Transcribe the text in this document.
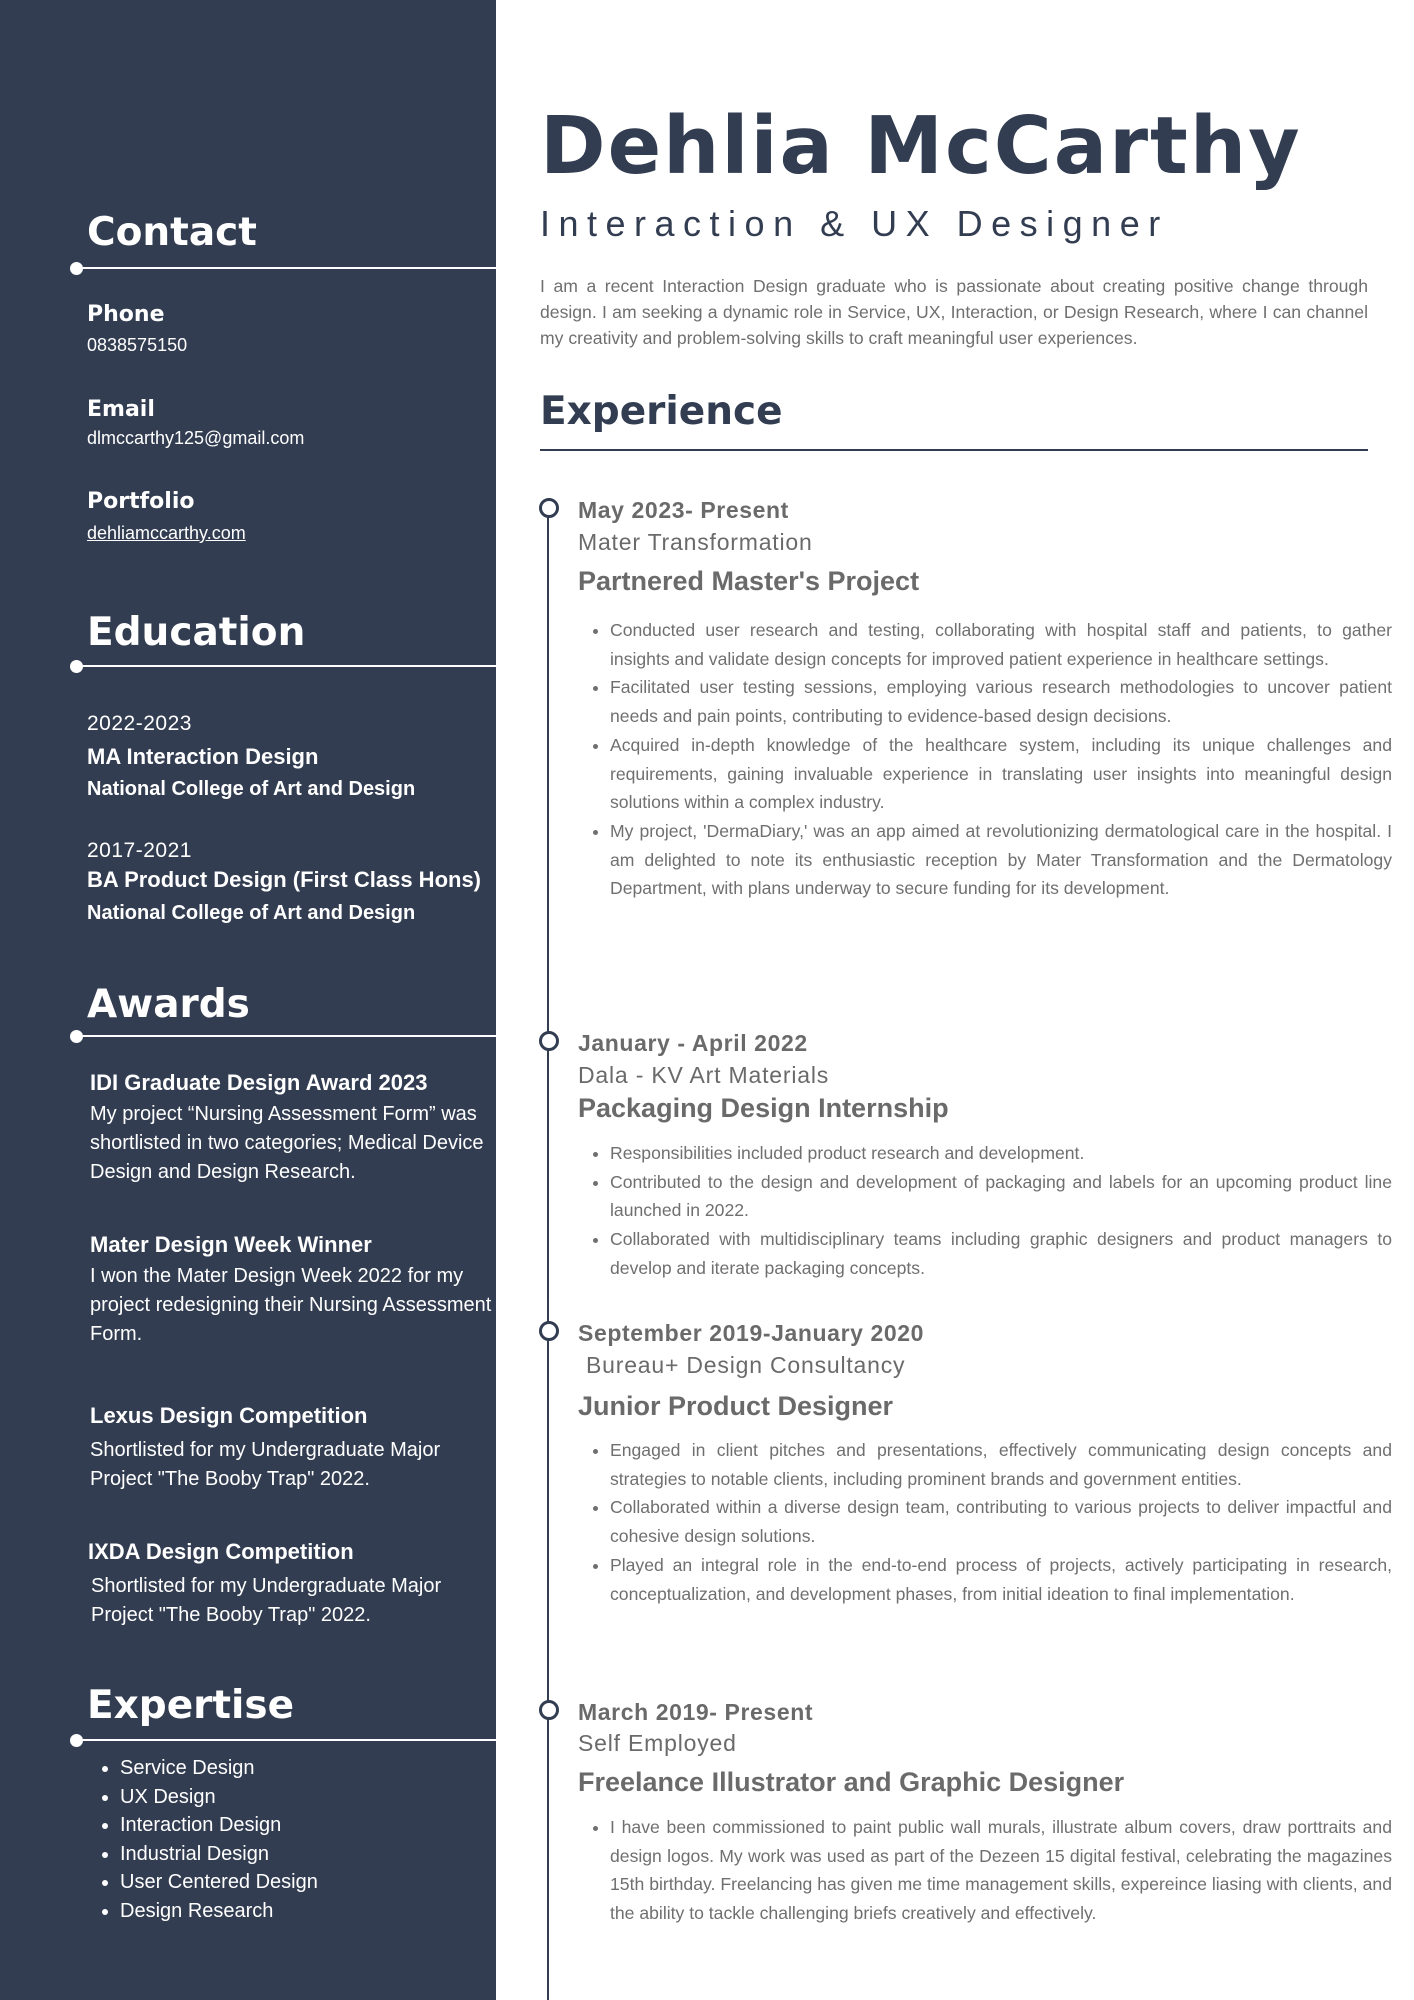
Contact
Phone
0838575150
Email
dlmccarthy125@gmail.com
Portfolio
dehliamccarthy.com
Education
2022-2023
MA Interaction Design
National College of Art and Design
2017-2021
BA Product Design (First Class Hons)
National College of Art and Design
Awards
IDI Graduate Design Award 2023
My project “Nursing Assessment Form” was shortlisted in two categories; Medical Device Design and Design Research.
Mater Design Week Winner
I won the Mater Design Week 2022 for my project redesigning their Nursing Assessment Form.
Lexus Design Competition
Shortlisted for my Undergraduate Major Project "The Booby Trap" 2022.
IXDA Design Competition
Shortlisted for my Undergraduate Major Project "The Booby Trap" 2022.
Expertise
• Service Design
• UX Design
• Interaction Design
• Industrial Design
• User Centered Design
• Design Research
Dehlia McCarthy
Interaction & UX Designer
I am a recent Interaction Design graduate who is passionate about creating positive change through design. I am seeking a dynamic role in Service, UX, Interaction, or Design Research, where I can channel my creativity and problem-solving skills to craft meaningful user experiences.
Experience
May 2023- Present
Mater Transformation
Partnered Master's Project
• Conducted user research and testing, collaborating with hospital staff and patients, to gather insights and validate design concepts for improved patient experience in healthcare settings.
• Facilitated user testing sessions, employing various research methodologies to uncover patient needs and pain points, contributing to evidence-based design decisions.
• Acquired in-depth knowledge of the healthcare system, including its unique challenges and requirements, gaining invaluable experience in translating user insights into meaningful design solutions within a complex industry.
• My project, 'DermaDiary,' was an app aimed at revolutionizing dermatological care in the hospital. I am delighted to note its enthusiastic reception by Mater Transformation and the Dermatology Department, with plans underway to secure funding for its development.
January - April 2022
Dala - KV Art Materials
Packaging Design Internship
• Responsibilities included product research and development.
• Contributed to the design and development of packaging and labels for an upcoming product line launched in 2022.
• Collaborated with multidisciplinary teams including graphic designers and product managers to develop and iterate packaging concepts.
September 2019-January 2020
Bureau+ Design Consultancy
Junior Product Designer
• Engaged in client pitches and presentations, effectively communicating design concepts and strategies to notable clients, including prominent brands and government entities.
• Collaborated within a diverse design team, contributing to various projects to deliver impactful and cohesive design solutions.
• Played an integral role in the end-to-end process of projects, actively participating in research, conceptualization, and development phases, from initial ideation to final implementation.
March 2019- Present
Self Employed
Freelance Illustrator and Graphic Designer
• I have been commissioned to paint public wall murals, illustrate album covers, draw porttraits and design logos. My work was used as part of the Dezeen 15 digital festival, celebrating the magazines 15th birthday. Freelancing has given me time management skills, expereince liasing with clients, and the ability to tackle challenging briefs creatively and effectively.
